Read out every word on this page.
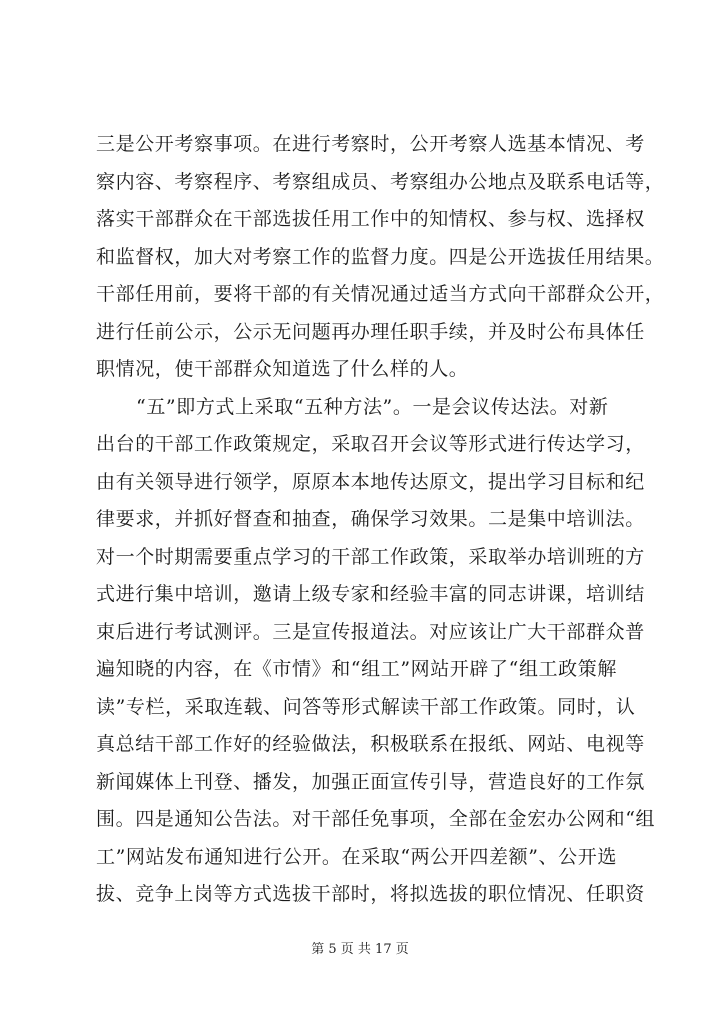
三是公开考察事项。在进行考察时，公开考察人选基本情况、考
察内容、考察程序、考察组成员、考察组办公地点及联系电话等，
落实干部群众在干部选拔任用工作中的知情权、参与权、选择权
和监督权，加大对考察工作的监督力度。四是公开选拔任用结果。
干部任用前，要将干部的有关情况通过适当方式向干部群众公开，
进行任前公示，公示无问题再办理任职手续，并及时公布具体任
职情况，使干部群众知道选了什么样的人。
“五”即方式上采取“五种方法”。一是会议传达法。对新
出台的干部工作政策规定，采取召开会议等形式进行传达学习，
由有关领导进行领学，原原本本地传达原文，提出学习目标和纪
律要求，并抓好督查和抽查，确保学习效果。二是集中培训法。
对一个时期需要重点学习的干部工作政策，采取举办培训班的方
式进行集中培训，邀请上级专家和经验丰富的同志讲课，培训结
束后进行考试测评。三是宣传报道法。对应该让广大干部群众普
遍知晓的内容，在《市情》和“组工”网站开辟了“组工政策解
读”专栏，采取连载、问答等形式解读干部工作政策。同时，认
真总结干部工作好的经验做法，积极联系在报纸、网站、电视等
新闻媒体上刊登、播发，加强正面宣传引导，营造良好的工作氛
围。四是通知公告法。对干部任免事项，全部在金宏办公网和“组
工”网站发布通知进行公开。在采取“两公开四差额”、公开选
拔、竞争上岗等方式选拔干部时，将拟选拔的职位情况、任职资
第 5 页 共 17 页
